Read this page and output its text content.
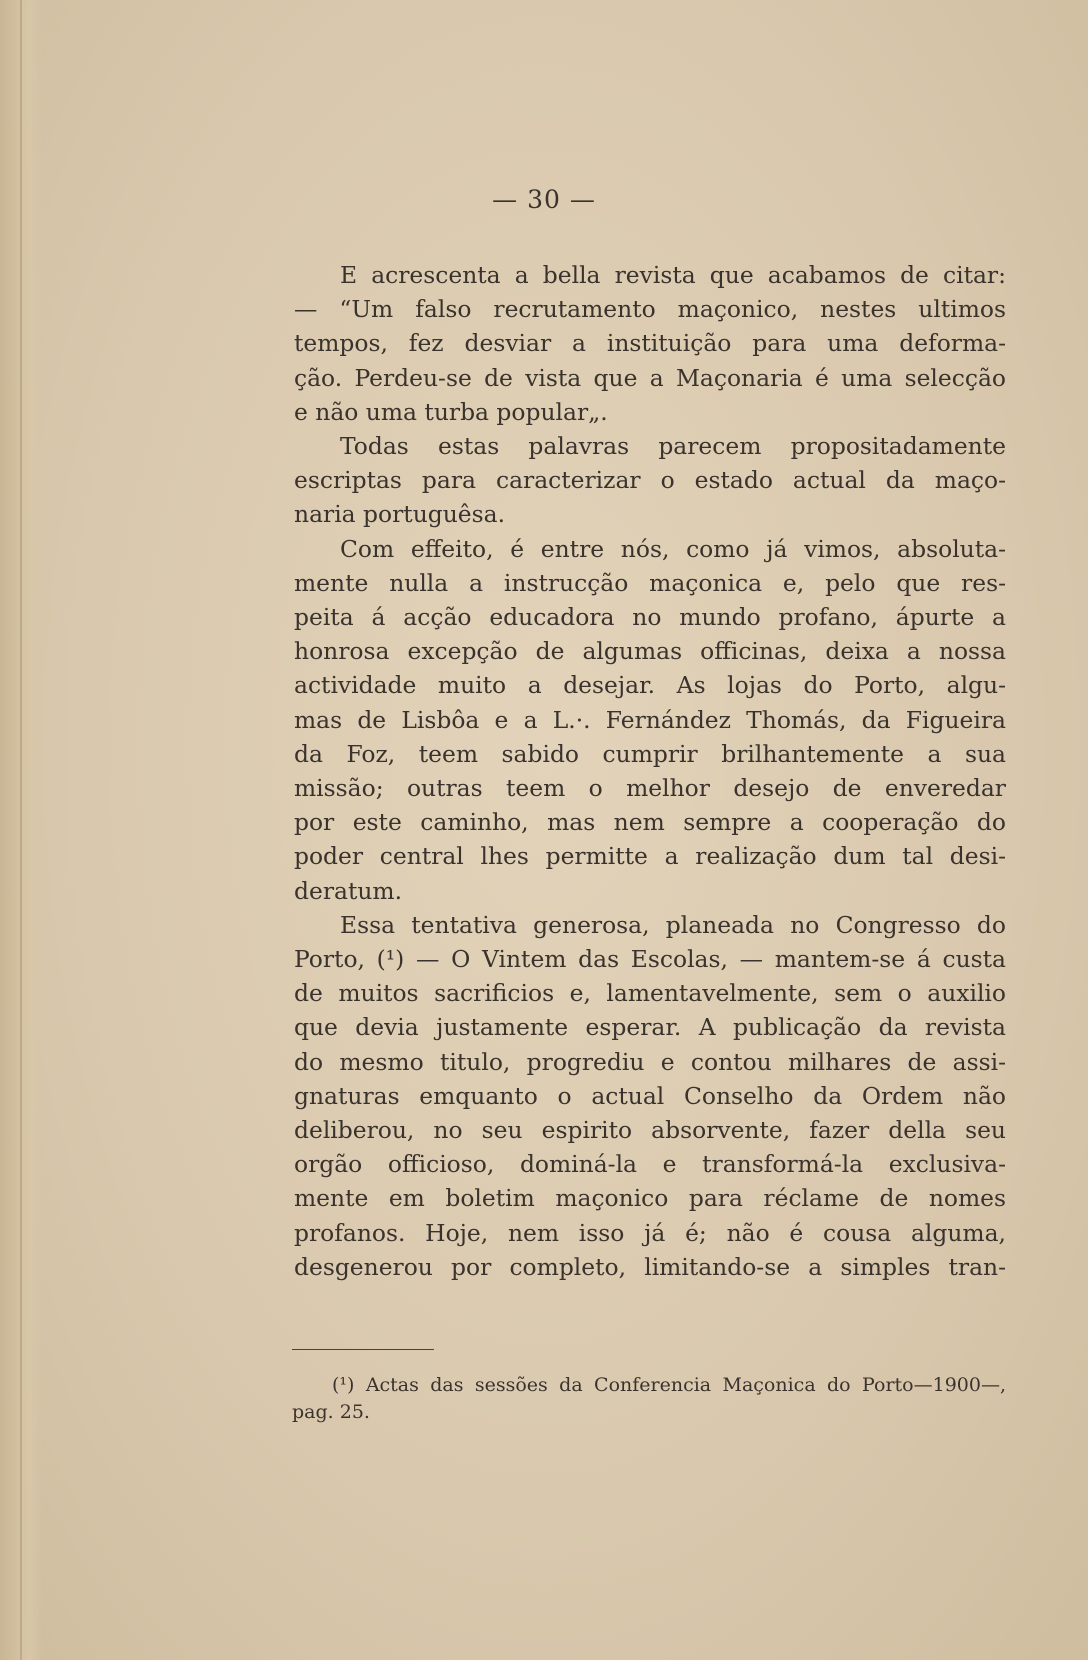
— 30 —
E acrescenta a bella revista que acabamos de citar:
— “Um falso recrutamento maçonico, nestes ultimos
tempos, fez desviar a instituição para uma deforma-
ção. Perdeu-se de vista que a Maçonaria é uma selecção
e não uma turba popular„.
Todas estas palavras parecem propositadamente
escriptas para caracterizar o estado actual da maço-
naria portuguêsa.
Com effeito, é entre nós, como já vimos, absoluta-
mente nulla a instrucção maçonica e, pelo que res-
peita á acção educadora no mundo profano, ápurte a
honrosa excepção de algumas officinas, deixa a nossa
actividade muito a desejar. As lojas do Porto, algu-
mas de Lisbôa e a L.·. Fernández Thomás, da Figueira
da Foz, teem sabido cumprir brilhantemente a sua
missão; outras teem o melhor desejo de enveredar
por este caminho, mas nem sempre a cooperação do
poder central lhes permitte a realização dum tal desi-
deratum.
Essa tentativa generosa, planeada no Congresso do
Porto, (¹) — O Vintem das Escolas, — mantem-se á custa
de muitos sacrificios e, lamentavelmente, sem o auxilio
que devia justamente esperar. A publicação da revista
do mesmo titulo, progrediu e contou milhares de assi-
gnaturas emquanto o actual Conselho da Ordem não
deliberou, no seu espirito absorvente, fazer della seu
orgão officioso, dominá-la e transformá-la exclusiva-
mente em boletim maçonico para réclame de nomes
profanos. Hoje, nem isso já é; não é cousa alguma,
desgenerou por completo, limitando-se a simples tran-
(¹) Actas das sessões da Conferencia Maçonica do Porto—1900—,
pag. 25.
